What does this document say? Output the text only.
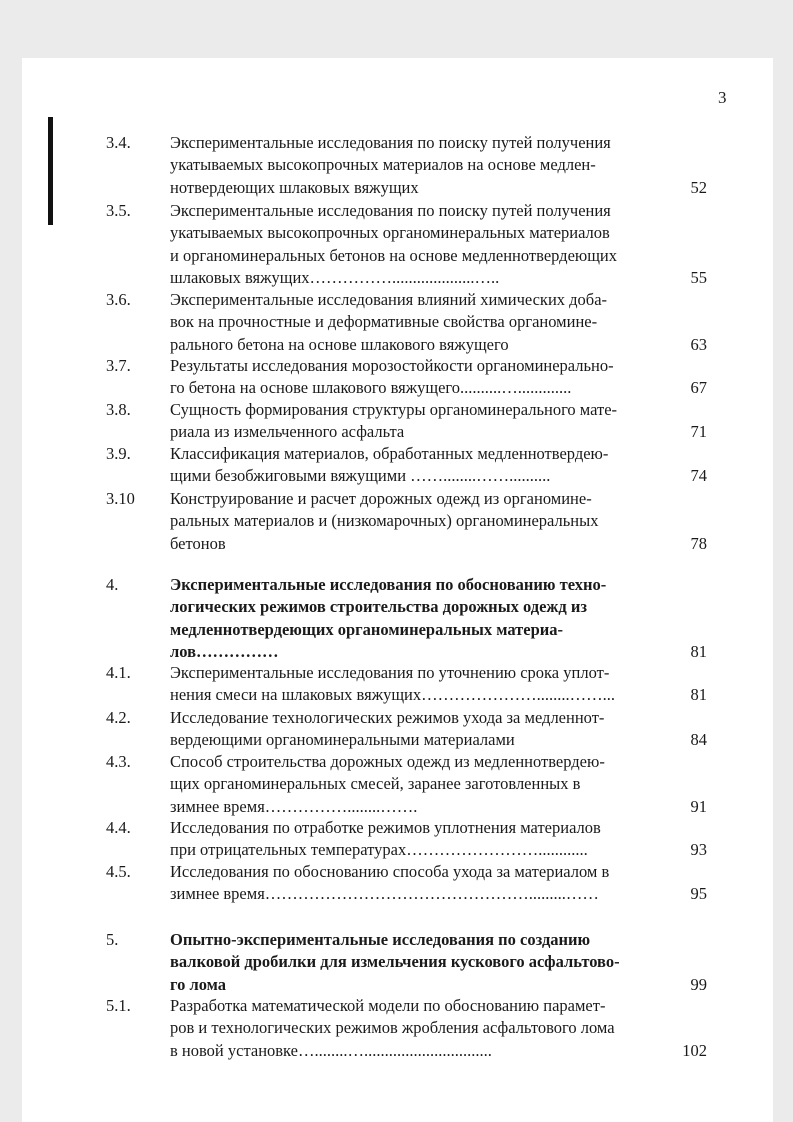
3
3.4. Экспериментальные исследования по поиску путей получения
укатываемых высокопрочных материалов на основе медлен-
нотвердеющих шлаковых вяжущих	52
3.5. Экспериментальные исследования по поиску путей получения
укатываемых высокопрочных органоминеральных материалов
и органоминеральных бетонов на основе медленнотвердеющих
шлаковых вяжущих……………....................…..	55
3.6. Экспериментальные исследования влияний химических доба-
вок на прочностные и деформативные свойства органомине-
рального бетона на основе шлакового вяжущего	63
3.7. Результаты исследования морозостойкости органоминерально-
го бетона на основе шлакового вяжущего..........….............	67
3.8. Сущность формирования структуры органоминерального мате-
риала из измельченного асфальта	71
3.9. Классификация материалов, обработанных медленнотвердею-
щими безобжиговыми вяжущими ……........……..........	74
3.10 Конструирование и расчет дорожных одежд из органомине-
ральных материалов и (низкомарочных) органоминеральных
бетонов	78
4.	Экспериментальные исследования по обоснованию техно-
логических режимов строительства дорожных одежд из
медленнотвердеющих органоминеральных материа-
лов……………	81
4.1. Экспериментальные исследования по уточнению срока уплот-
нения смеси на шлаковых вяжущих…………………........……...	81
4.2. Исследование технологических режимов ухода за медленнот-
вердеющими органоминеральными материалами	84
4.3. Способ строительства дорожных одежд из медленнотвердею-
щих органоминеральных смесей, заранее заготовленных в
зимнее время……………........…….	91
4.4. Исследования по отработке режимов уплотнения материалов
при отрицательных температурах……………………............	93
4.5. Исследования по обоснованию способа ухода за материалом в
зимнее время………………………………………….........……	95
5.	Опытно-экспериментальные исследования по созданию
валковой дробилки для измельчения кускового асфальтово-
го лома	99
5.1. Разработка математической модели по обоснованию парамет-
ров и технологических режимов жробления асфальтового лома
в новой установке…........…...............................	102
